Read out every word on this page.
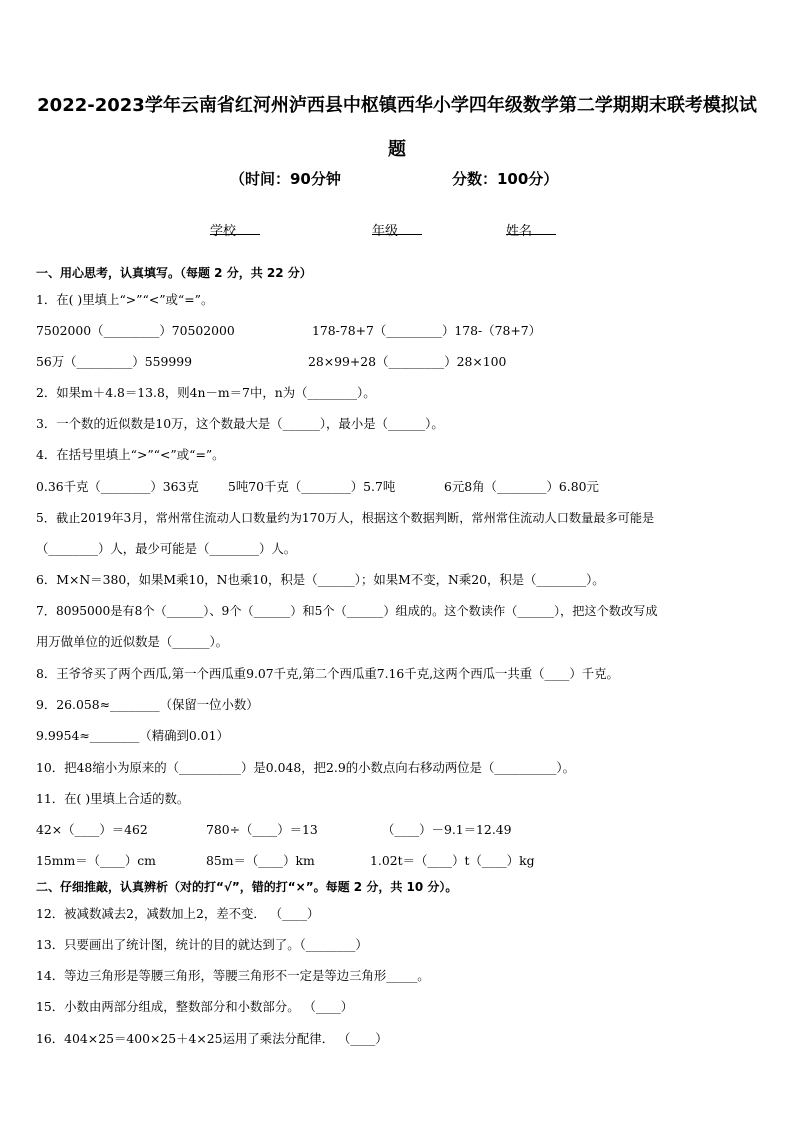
2022-2023学年云南省红河州泸西县中枢镇西华小学四年级数学第二学期期末联考模拟试题
（时间：90分钟	分数：100分）
学校	年级	姓名
一、用心思考，认真填写。（每题 2 分，共 22 分）
1．在( )里填上“>”“<”或“=”。
7502000（_________）70502000	178-78+7（_________）178-（78+7）
56万（_________）559999	28×99+28（_________）28×100
2．如果m＋4.8＝13.8，则4n－m＝7中，n为（________）。
3．一个数的近似数是10万，这个数最大是（______），最小是（______）。
4．在括号里填上“>”“<”或“=”。
0.36千克（________）363克 5吨70千克（________）5.7吨	6元8角（________）6.80元
5．截止2019年3月，常州常住流动人口数量约为170万人，根据这个数据判断，常州常住流动人口数量最多可能是
（________）人，最少可能是（________）人。
6．M×N＝380，如果M乘10，N也乘10，积是（______）；如果M不变，N乘20，积是（________）。
7．8095000是有8个（______）、9个（______）和5个（______）组成的。这个数读作（______），把这个数改写成
用万做单位的近似数是（______）。
8．王爷爷买了两个西瓜,第一个西瓜重9.07千克,第二个西瓜重7.16千克,这两个西瓜一共重（____）千克。
9．26.058≈________（保留一位小数）
9.9954≈________（精确到0.01）
10．把48缩小为原来的（__________）是0.048，把2.9的小数点向右移动两位是（__________）。
11．在( )里填上合适的数。
42×（____）＝462	780÷（____）＝13	（____）－9.1＝12.49
15mm＝（____）cm	85m＝（____）km	1.02t＝（____）t（____）kg
二、仔细推敲，认真辨析（对的打“√”，错的打“×”。每题 2 分，共 10 分）。
12．被减数减去2，减数加上2，差不变． （____）
13．只要画出了统计图，统计的目的就达到了。（________）
14．等边三角形是等腰三角形，等腰三角形不一定是等边三角形_____。
15．小数由两部分组成，整数部分和小数部分。 （____）
16．404×25＝400×25＋4×25运用了乘法分配律． （____）
